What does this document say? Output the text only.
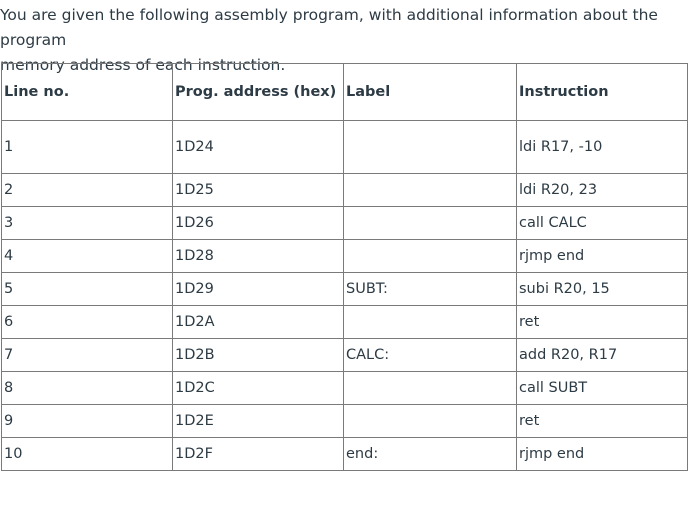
You are given the following assembly program, with additional information about the program
memory address of each instruction.

Line no.	Prog. address (hex)	Label	Instruction
1	1D24		ldi R17, -10
2	1D25		ldi R20, 23
3	1D26		call CALC
4	1D28		rjmp end
5	1D29	SUBT:	subi R20, 15
6	1D2A		ret
7	1D2B	CALC:	add R20, R17
8	1D2C		call SUBT
9	1D2E		ret
10	1D2F	end:	rjmp end
